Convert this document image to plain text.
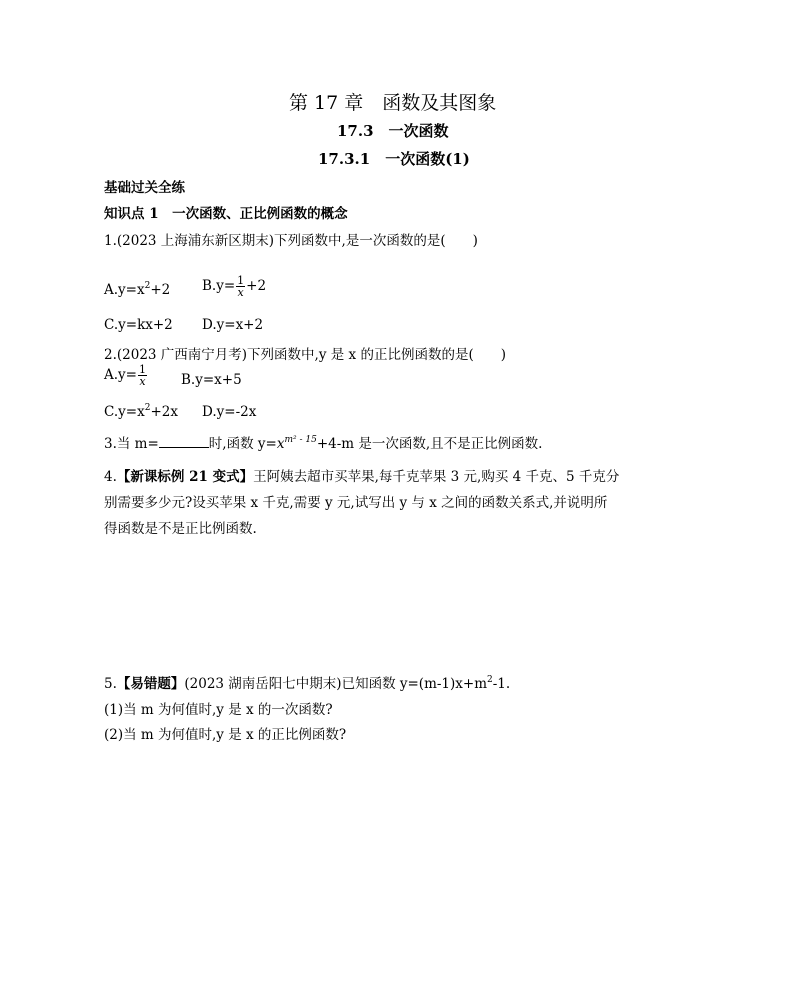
第 17 章　函数及其图象
17.3　一次函数
17.3.1　一次函数(1)
基础过关全练
知识点 1　一次函数、正比例函数的概念
1.(2023 上海浦东新区期末)下列函数中,是一次函数的是(　　)
$A.y=x^2+2$ $B.y= \frac{1}{x} +2$
C.y=kx+2 D.y=x+2
2.(2023 广西南宁月考)下列函数中,y 是 x 的正比例函数的是(　　)
$A.y= \frac{1}{x}$	B.y=x+5
$C.y=x^2+2x$ D.y=-2x
3.当 m=	时,函数 $y=x^{m^2 - 15}+4-m$ 是一次函数,且不是正比例函数.
4.【新课标例 21 变式】王阿姨去超市买苹果,每千克苹果 3 元,购买 4 千克、5 千克分
别需要多少元?设买苹果 x 千克,需要 y 元,试写出 y 与 x 之间的函数关系式,并说明所
得函数是不是正比例函数.
5.【易错题】(2023 湖南岳阳七中期末)已知函数 $y=(m-1)x+m^2-1$.
(1)当 m 为何值时,y 是 x 的一次函数?
(2)当 m 为何值时,y 是 x 的正比例函数?
